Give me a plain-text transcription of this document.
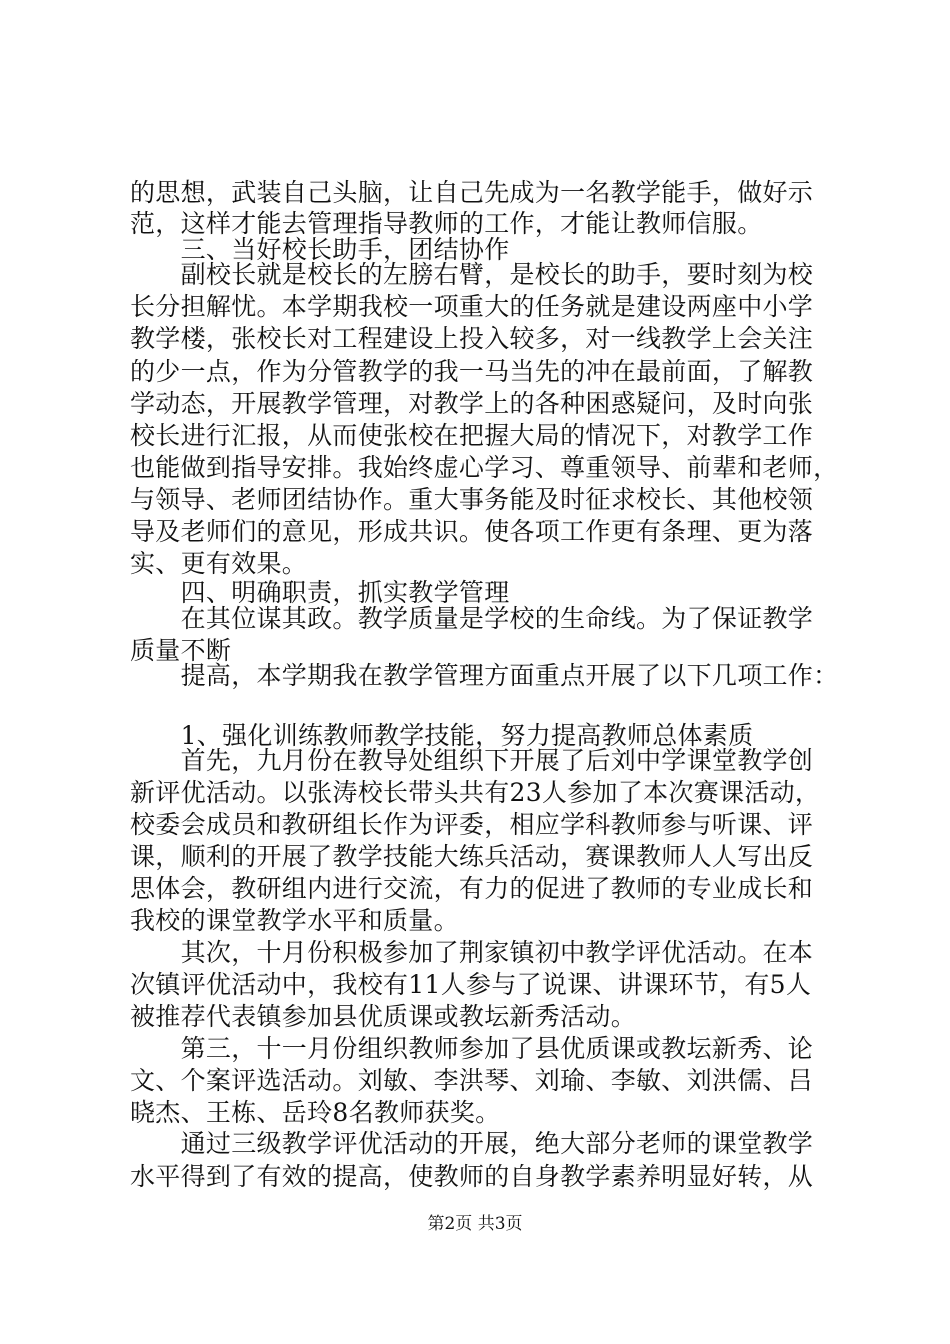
的思想，武装自己头脑，让自己先成为一名教学能手，做好示
范，这样才能去管理指导教师的工作，才能让教师信服。
　　三、当好校长助手，团结协作
　　副校长就是校长的左膀右臂，是校长的助手，要时刻为校
长分担解忧。本学期我校一项重大的任务就是建设两座中小学
教学楼，张校长对工程建设上投入较多，对一线教学上会关注
的少一点，作为分管教学的我一马当先的冲在最前面，了解教
学动态，开展教学管理，对教学上的各种困惑疑问，及时向张
校长进行汇报，从而使张校在把握大局的情况下，对教学工作
也能做到指导安排。我始终虚心学习、尊重领导、前辈和老师，
与领导、老师团结协作。重大事务能及时征求校长、其他校领
导及老师们的意见，形成共识。使各项工作更有条理、更为落
实、更有效果。
　　四、明确职责，抓实教学管理
　　在其位谋其政。教学质量是学校的生命线。为了保证教学
质量不断
　　提高，本学期我在教学管理方面重点开展了以下几项工作：
　　1、强化训练教师教学技能，努力提高教师总体素质
　　首先，九月份在教导处组织下开展了后刘中学课堂教学创
新评优活动。以张涛校长带头共有23人参加了本次赛课活动，
校委会成员和教研组长作为评委，相应学科教师参与听课、评
课，顺利的开展了教学技能大练兵活动，赛课教师人人写出反
思体会，教研组内进行交流，有力的促进了教师的专业成长和
我校的课堂教学水平和质量。
　　其次，十月份积极参加了荆家镇初中教学评优活动。在本
次镇评优活动中，我校有11人参与了说课、讲课环节，有5人
被推荐代表镇参加县优质课或教坛新秀活动。
　　第三，十一月份组织教师参加了县优质课或教坛新秀、论
文、个案评选活动。刘敏、李洪琴、刘瑜、李敏、刘洪儒、吕
晓杰、王栋、岳玲8名教师获奖。
第2页 共3页
　　通过三级教学评优活动的开展，绝大部分老师的课堂教学
水平得到了有效的提高，使教师的自身教学素养明显好转，从
